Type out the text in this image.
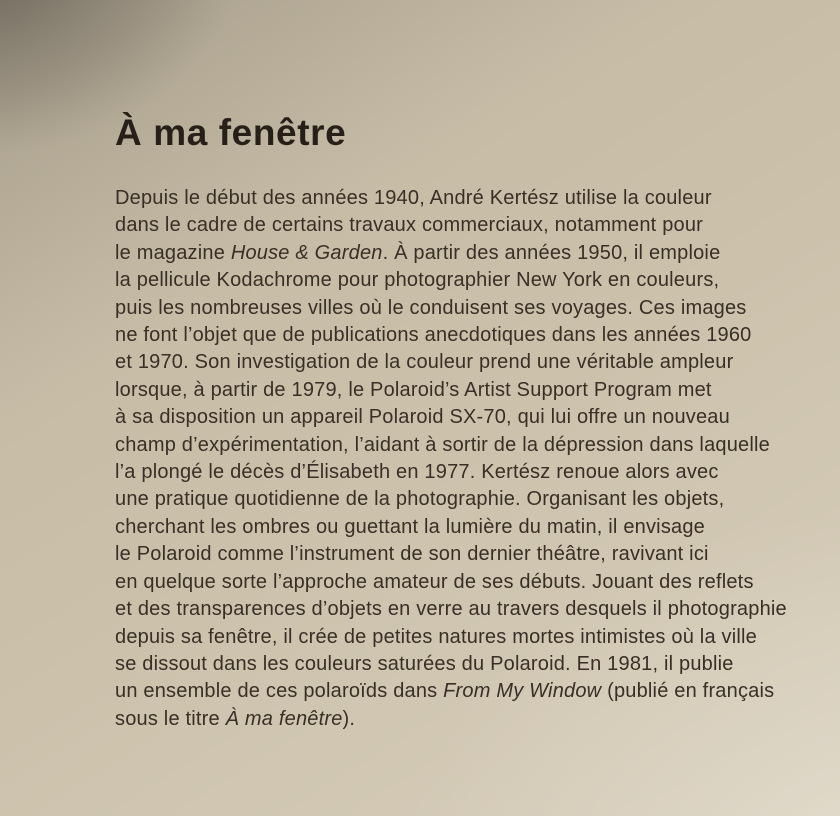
À ma fenêtre
Depuis le début des années 1940, André Kertész utilise la couleur
dans le cadre de certains travaux commerciaux, notamment pour
le magazine House & Garden. À partir des années 1950, il emploie
la pellicule Kodachrome pour photographier New York en couleurs,
puis les nombreuses villes où le conduisent ses voyages. Ces images
ne font l’objet que de publications anecdotiques dans les années 1960
et 1970. Son investigation de la couleur prend une véritable ampleur
lorsque, à partir de 1979, le Polaroid’s Artist Support Program met
à sa disposition un appareil Polaroid SX-70, qui lui offre un nouveau
champ d’expérimentation, l’aidant à sortir de la dépression dans laquelle
l’a plongé le décès d’Élisabeth en 1977. Kertész renoue alors avec
une pratique quotidienne de la photographie. Organisant les objets,
cherchant les ombres ou guettant la lumière du matin, il envisage
le Polaroid comme l’instrument de son dernier théâtre, ravivant ici
en quelque sorte l’approche amateur de ses débuts. Jouant des reflets
et des transparences d’objets en verre au travers desquels il photographie
depuis sa fenêtre, il crée de petites natures mortes intimistes où la ville
se dissout dans les couleurs saturées du Polaroid. En 1981, il publie
un ensemble de ces polaroïds dans From My Window (publié en français
sous le titre À ma fenêtre).
